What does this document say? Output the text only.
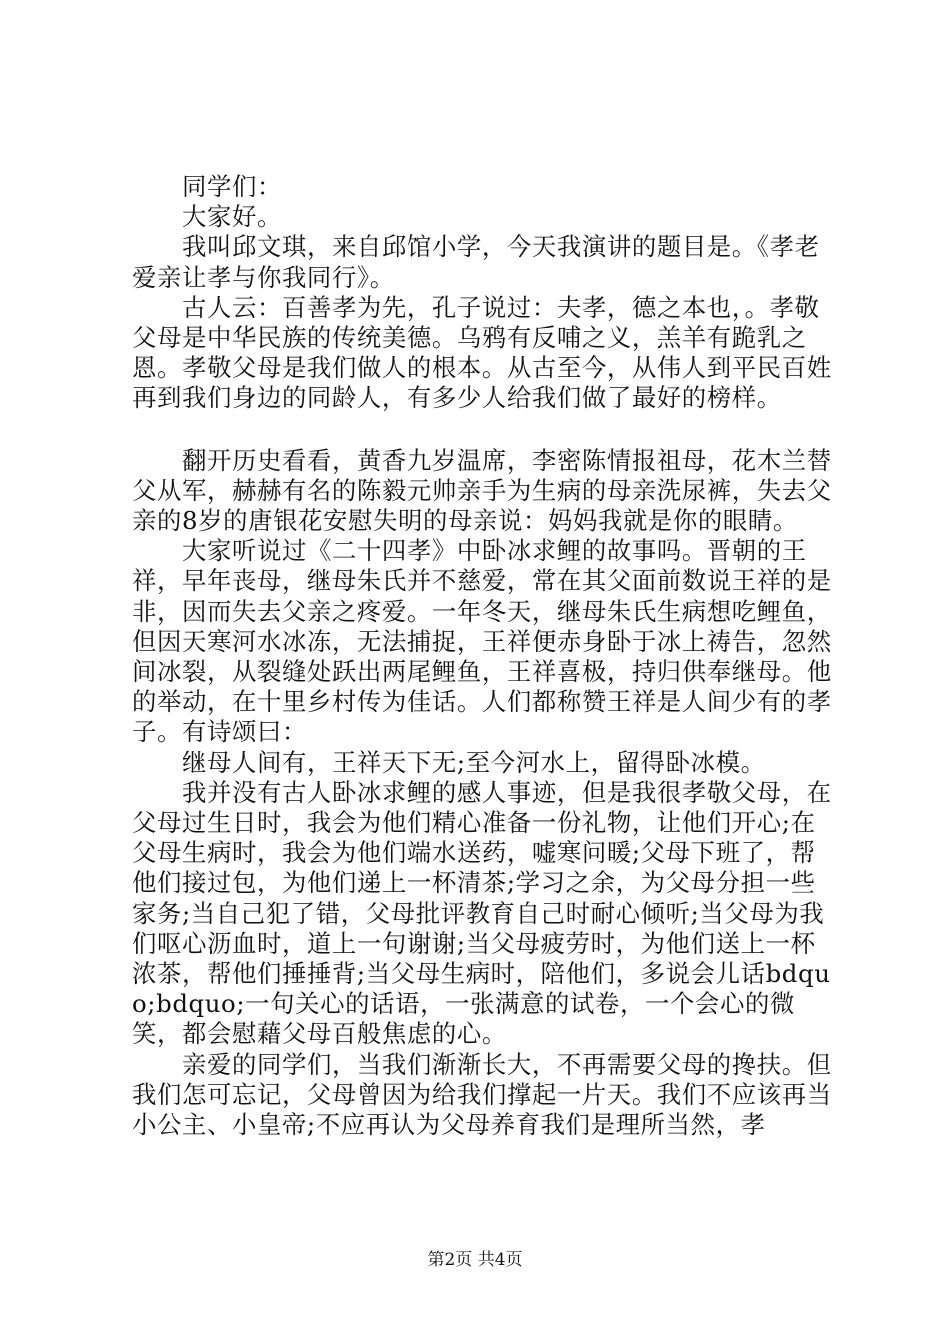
同学们：

大家好。

我叫邱文琪，来自邱馆小学，今天我演讲的题目是。《孝老爱亲让孝与你我同行》。

古人云：百善孝为先，孔子说过：夫孝，德之本也，。孝敬父母是中华民族的传统美德。乌鸦有反哺之义，羔羊有跪乳之恩。孝敬父母是我们做人的根本。从古至今，从伟人到平民百姓再到我们身边的同龄人，有多少人给我们做了最好的榜样。

翻开历史看看，黄香九岁温席，李密陈情报祖母，花木兰替父从军，赫赫有名的陈毅元帅亲手为生病的母亲洗尿裤，失去父亲的8岁的唐银花安慰失明的母亲说：妈妈我就是你的眼睛。

大家听说过《二十四孝》中卧冰求鲤的故事吗。晋朝的王祥，早年丧母，继母朱氏并不慈爱，常在其父面前数说王祥的是非，因而失去父亲之疼爱。一年冬天，继母朱氏生病想吃鲤鱼，但因天寒河水冰冻，无法捕捉，王祥便赤身卧于冰上祷告，忽然间冰裂，从裂缝处跃出两尾鲤鱼，王祥喜极，持归供奉继母。他的举动，在十里乡村传为佳话。人们都称赞王祥是人间少有的孝子。有诗颂曰：

继母人间有，王祥天下无;至今河水上，留得卧冰模。

我并没有古人卧冰求鲤的感人事迹，但是我很孝敬父母，在父母过生日时，我会为他们精心准备一份礼物，让他们开心;在父母生病时，我会为他们端水送药，嘘寒问暖;父母下班了，帮他们接过包，为他们递上一杯清茶;学习之余，为父母分担一些家务;当自己犯了错，父母批评教育自己时耐心倾听;当父母为我们呕心沥血时，道上一句谢谢;当父母疲劳时，为他们送上一杯浓茶，帮他们捶捶背;当父母生病时，陪他们，多说会儿话bdquo;bdquo;一句关心的话语，一张满意的试卷，一个会心的微笑，都会慰藉父母百般焦虑的心。

亲爱的同学们，当我们渐渐长大，不再需要父母的搀扶。但我们怎可忘记，父母曾因为给我们撑起一片天。我们不应该再当小公主、小皇帝;不应再认为父母养育我们是理所当然，孝

第2页 共4页
